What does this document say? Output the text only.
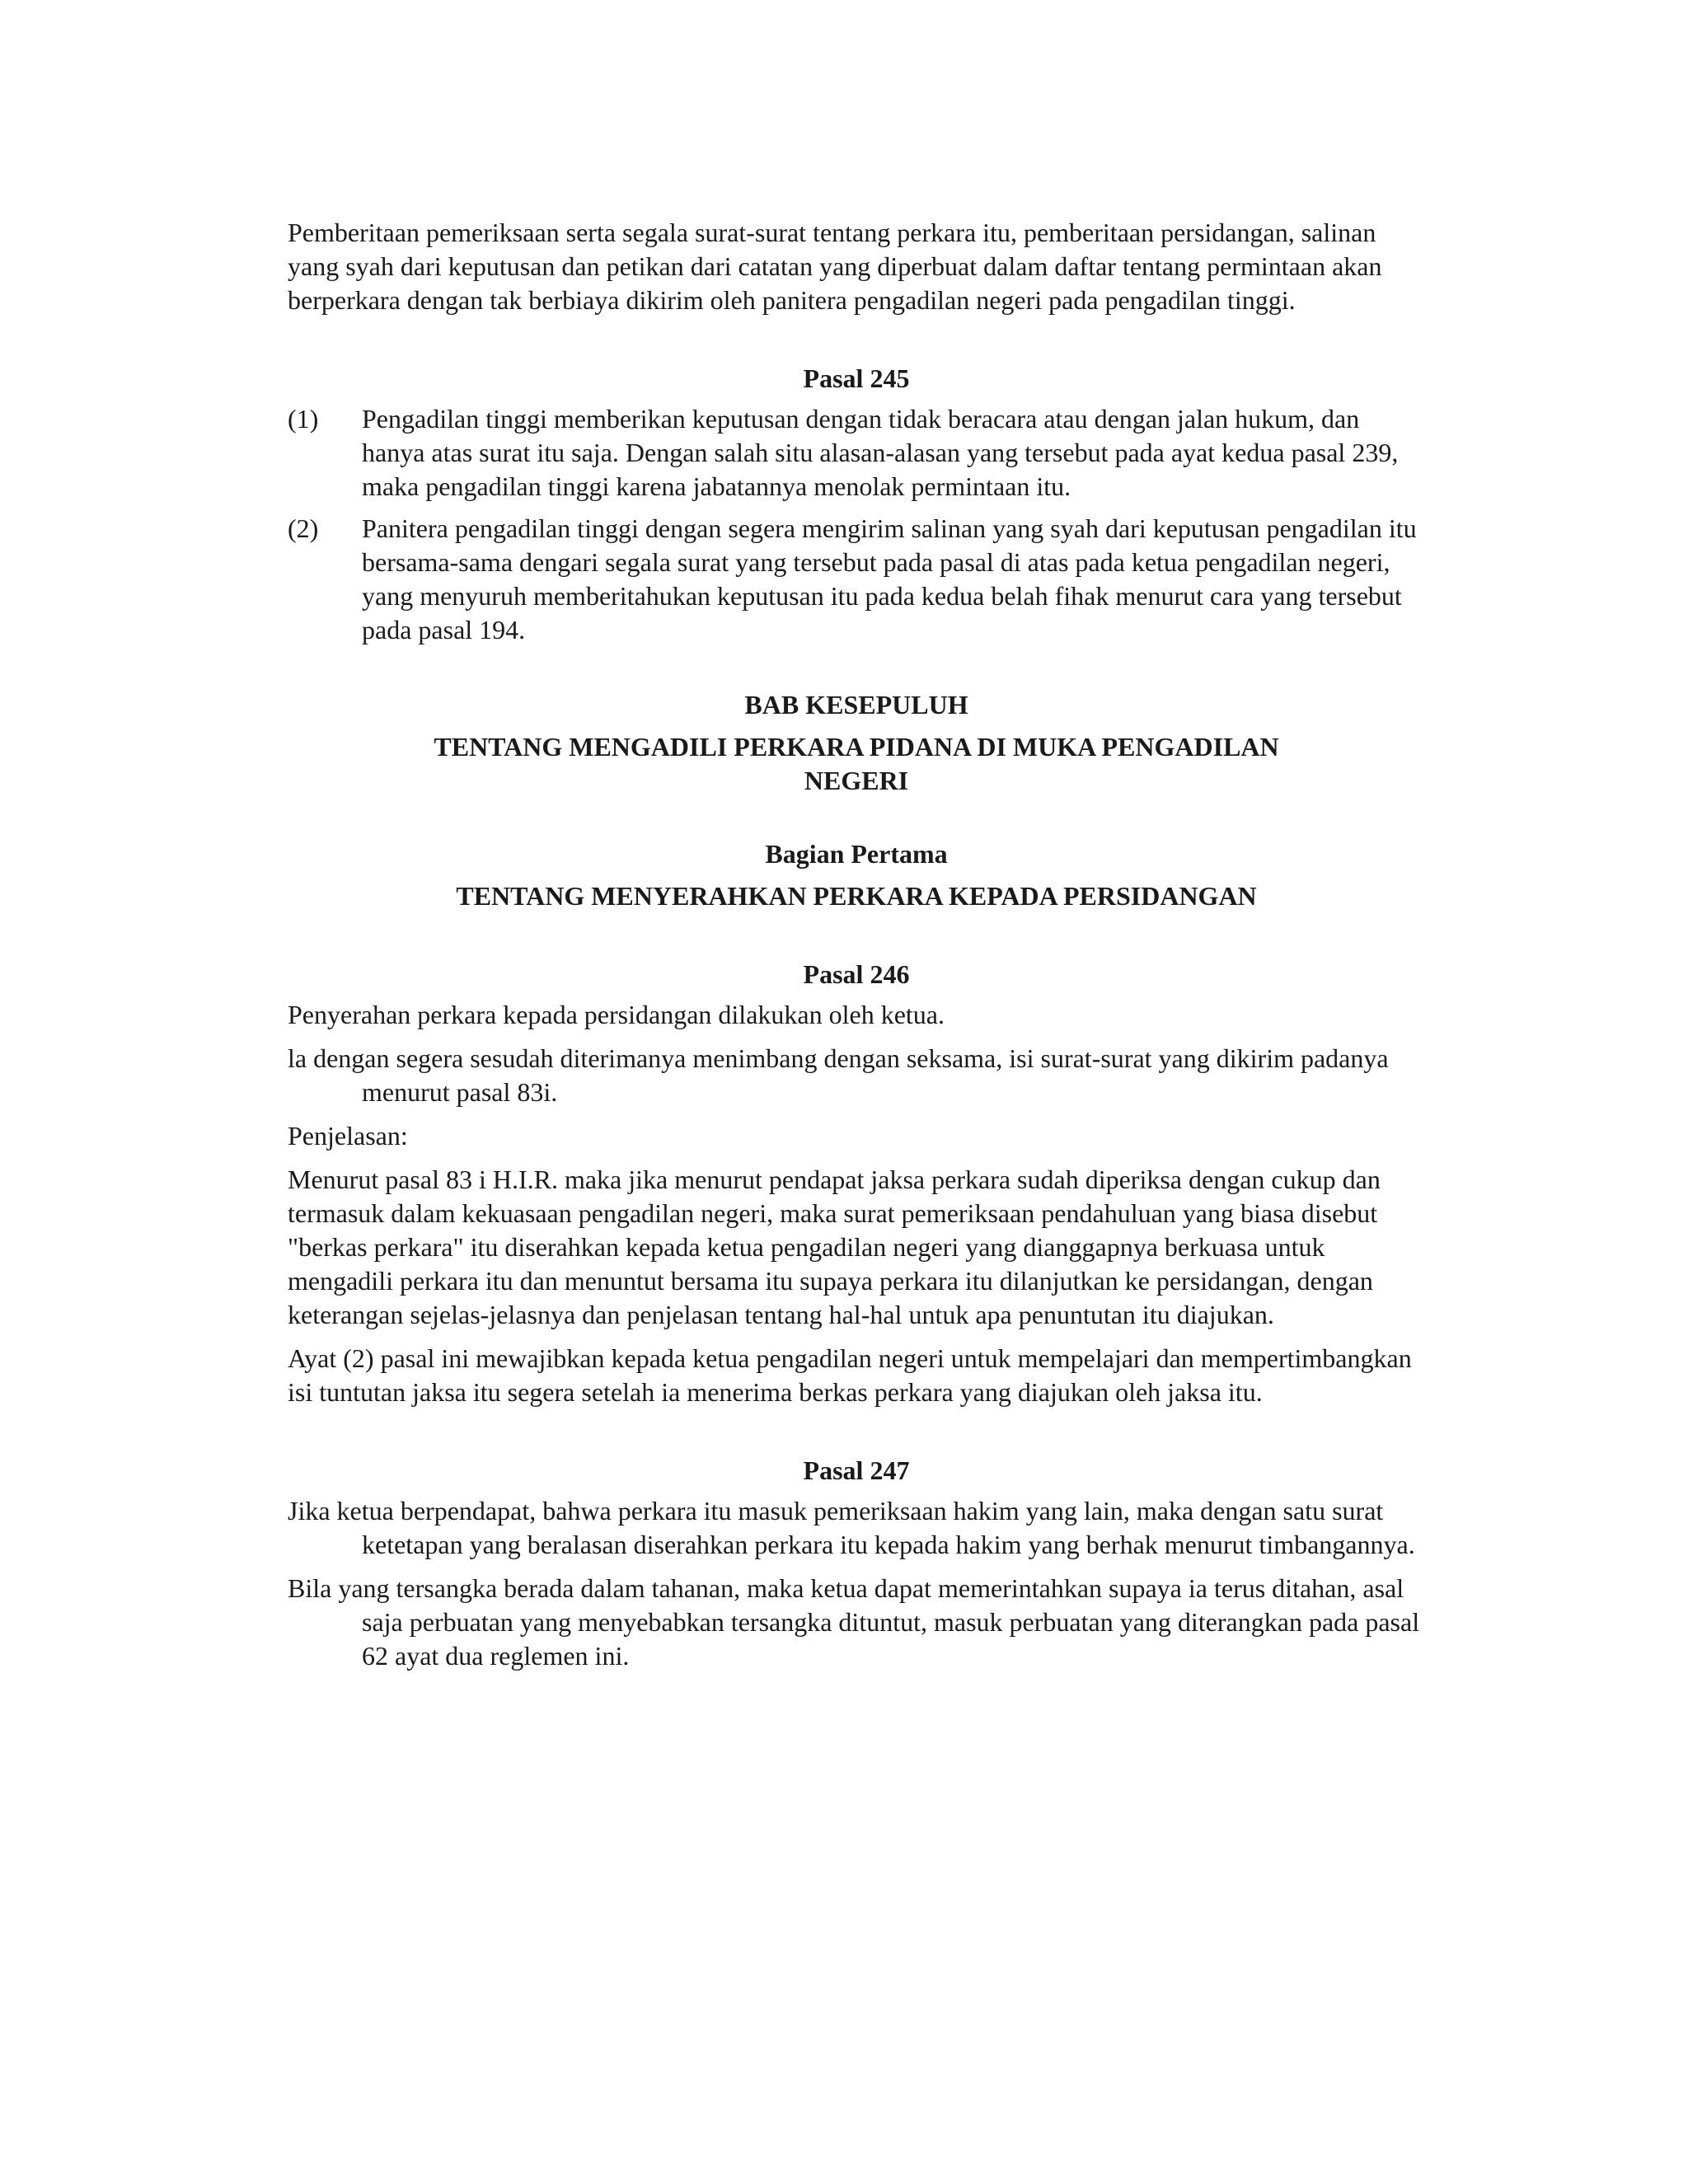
Pemberitaan pemeriksaan serta segala surat-surat tentang perkara itu, pemberitaan persidangan, salinan yang syah dari keputusan dan petikan dari catatan yang diperbuat dalam daftar tentang permintaan akan berperkara dengan tak berbiaya dikirim oleh panitera pengadilan negeri pada pengadilan tinggi.

Pasal 245

(1)	Pengadilan tinggi memberikan keputusan dengan tidak beracara atau dengan jalan hukum, dan hanya atas surat itu saja. Dengan salah situ alasan-alasan yang tersebut pada ayat kedua pasal 239, maka pengadilan tinggi karena jabatannya menolak permintaan itu.
(2)	Panitera pengadilan tinggi dengan segera mengirim salinan yang syah dari keputusan pengadilan itu bersama-sama dengari segala surat yang tersebut pada pasal di atas pada ketua pengadilan negeri, yang menyuruh memberitahukan keputusan itu pada kedua belah fihak menurut cara yang tersebut pada pasal 194.

BAB KESEPULUH

TENTANG MENGADILI PERKARA PIDANA DI MUKA PENGADILAN NEGERI

Bagian Pertama

TENTANG MENYERAHKAN PERKARA KEPADA PERSIDANGAN

Pasal 246

Penyerahan perkara kepada persidangan dilakukan oleh ketua.

la dengan segera sesudah diterimanya menimbang dengan seksama, isi surat-surat yang dikirim padanya menurut pasal 83i.

Penjelasan:

Menurut pasal 83 i H.I.R. maka jika menurut pendapat jaksa perkara sudah diperiksa dengan cukup dan termasuk dalam kekuasaan pengadilan negeri, maka surat pemeriksaan pendahuluan yang biasa disebut "berkas perkara" itu diserahkan kepada ketua pengadilan negeri yang dianggapnya berkuasa untuk mengadili perkara itu dan menuntut bersama itu supaya perkara itu dilanjutkan ke persidangan, dengan keterangan sejelas-jelasnya dan penjelasan tentang hal-hal untuk apa penuntutan itu diajukan.

Ayat (2) pasal ini mewajibkan kepada ketua pengadilan negeri untuk mempelajari dan mempertimbangkan isi tuntutan jaksa itu segera setelah ia menerima berkas perkara yang diajukan oleh jaksa itu.

Pasal 247

Jika ketua berpendapat, bahwa perkara itu masuk pemeriksaan hakim yang lain, maka dengan satu surat ketetapan yang beralasan diserahkan perkara itu kepada hakim yang berhak menurut timbangannya.

Bila yang tersangka berada dalam tahanan, maka ketua dapat memerintahkan supaya ia terus ditahan, asal saja perbuatan yang menyebabkan tersangka dituntut, masuk perbuatan yang diterangkan pada pasal 62 ayat dua reglemen ini.
